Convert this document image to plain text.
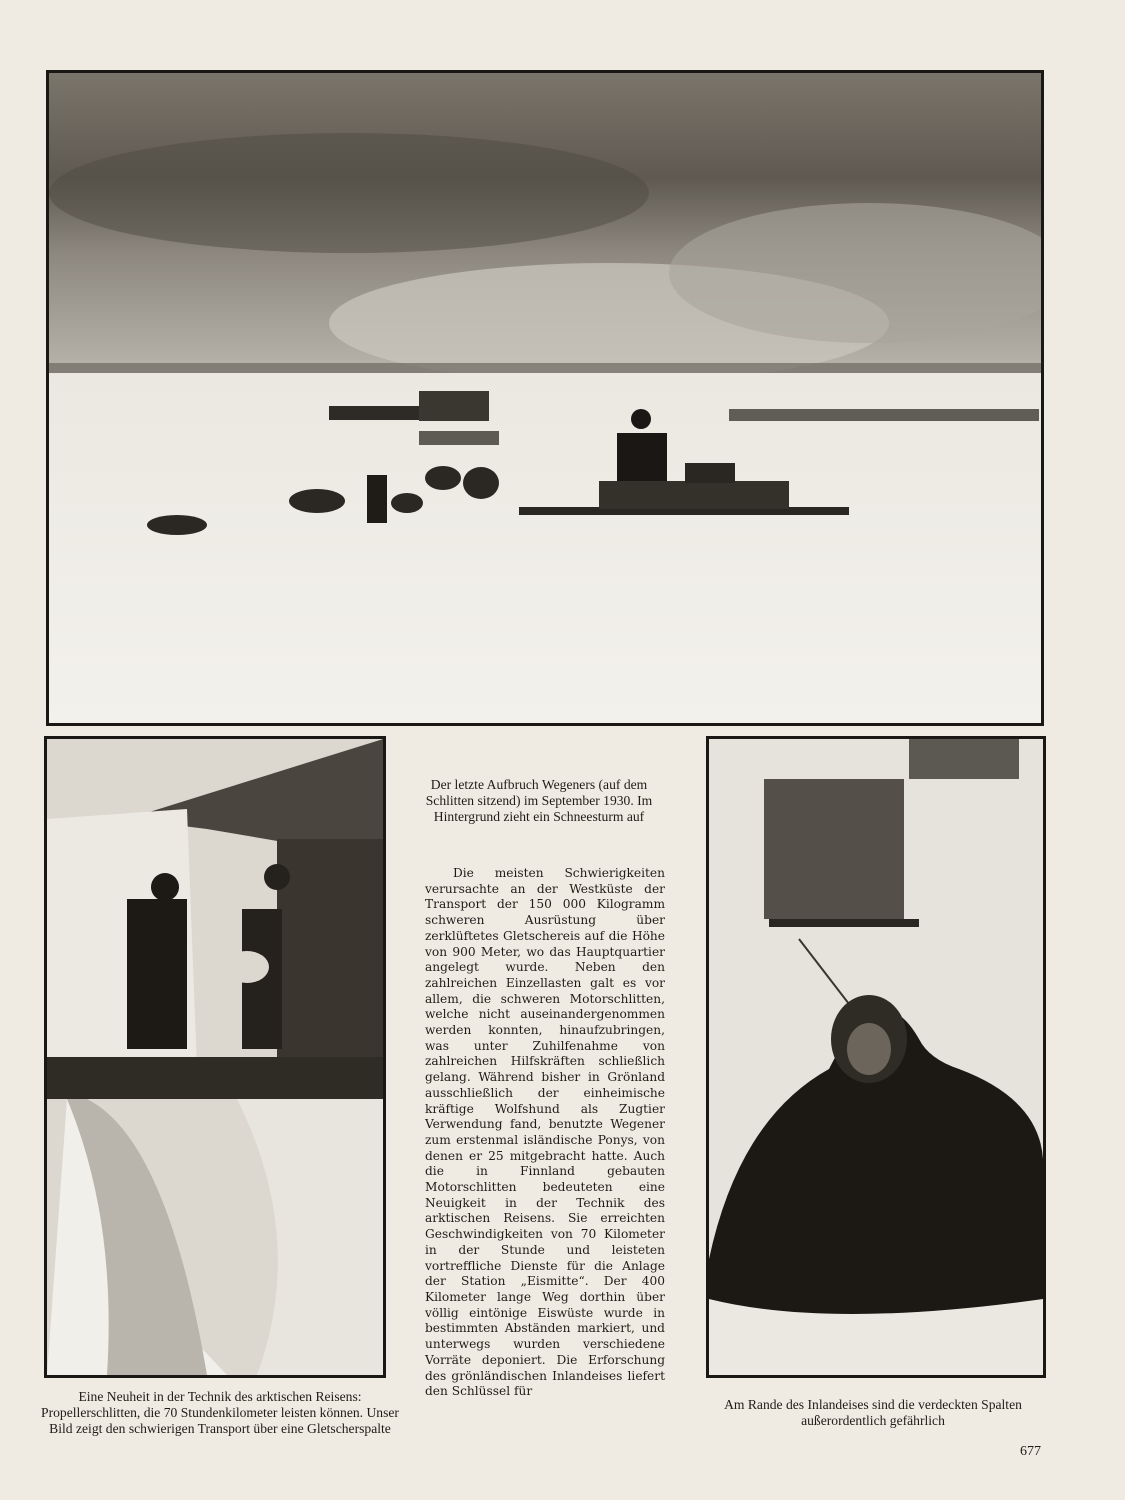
Der letzte Aufbruch Wegeners (auf dem Schlitten sitzend) im September 1930. Im Hintergrund zieht ein Schneesturm auf
Die meisten Schwierigkeiten verursachte an der Westküste der Transport der 150 000 Kilogramm schweren Ausrüstung über zerklüftetes Gletschereis auf die Höhe von 900 Meter, wo das Hauptquartier angelegt wurde. Neben den zahlreichen Einzellasten galt es vor allem, die schweren Motorschlitten, welche nicht auseinandergenommen werden konnten, hinaufzubringen, was unter Zuhilfenahme von zahlreichen Hilfskräften schließlich gelang. Während bisher in Grönland ausschließlich der einheimische kräftige Wolfshund als Zugtier Verwendung fand, benutzte Wegener zum erstenmal isländische Ponys, von denen er 25 mitgebracht hatte. Auch die in Finnland gebauten Motorschlitten bedeuteten eine Neuigkeit in der Technik des arktischen Reisens. Sie erreichten Geschwindigkeiten von 70 Kilometer in der Stunde und leisteten vortreffliche Dienste für die Anlage der Station „Eismitte“. Der 400 Kilometer lange Weg dorthin über völlig eintönige Eiswüste wurde in bestimmten Abständen markiert, und unterwegs wurden verschiedene Vorräte deponiert. Die Erforschung des grönländischen Inlandeises liefert den Schlüssel für
Eine Neuheit in der Technik des arktischen Reisens: Propellerschlitten, die 70 Stundenkilometer leisten können. Unser Bild zeigt den schwierigen Transport über eine Gletscherspalte
Am Rande des Inlandeises sind die verdeckten Spalten außerordentlich gefährlich
677
